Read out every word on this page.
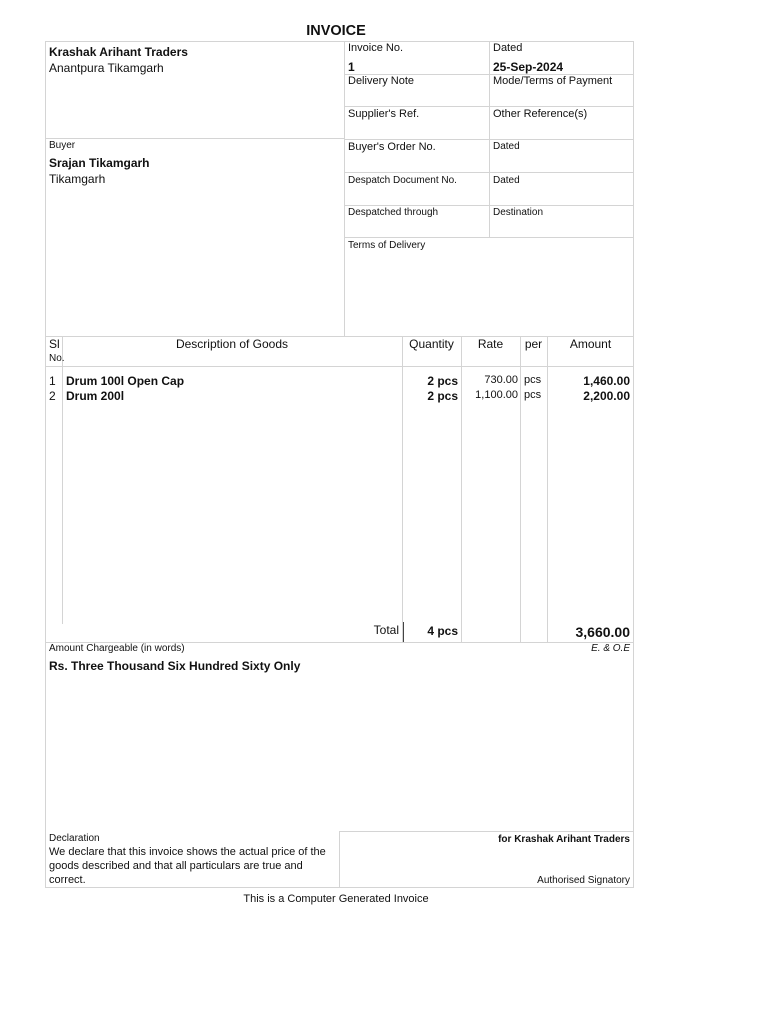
INVOICE
Krashak Arihant Traders
Anantpura Tikamgarh
Buyer
Srajan Tikamgarh
Tikamgarh
Invoice No.
1
Dated
25-Sep-2024
Delivery Note	Mode/Terms of Payment
Supplier's Ref.	Other Reference(s)
Buyer's Order No.	Dated
Despatch Document No.	Dated
Despatched through	Destination
Terms of Delivery
Sl
No.
Description of Goods	Quantity	Rate	per	Amount
1 Drum 100l Open Cap	2 pcs	730.00 pcs	1,460.00
2 Drum 200l	2 pcs	1,100.00 pcs	2,200.00
Total	4 pcs	3,660.00
Amount Chargeable (in words)	E. & O.E
Rs. Three Thousand Six Hundred Sixty Only
Declaration
We declare that this invoice shows the actual price of the goods described and that all particulars are true and correct.
for Krashak Arihant Traders
Authorised Signatory
This is a Computer Generated Invoice
